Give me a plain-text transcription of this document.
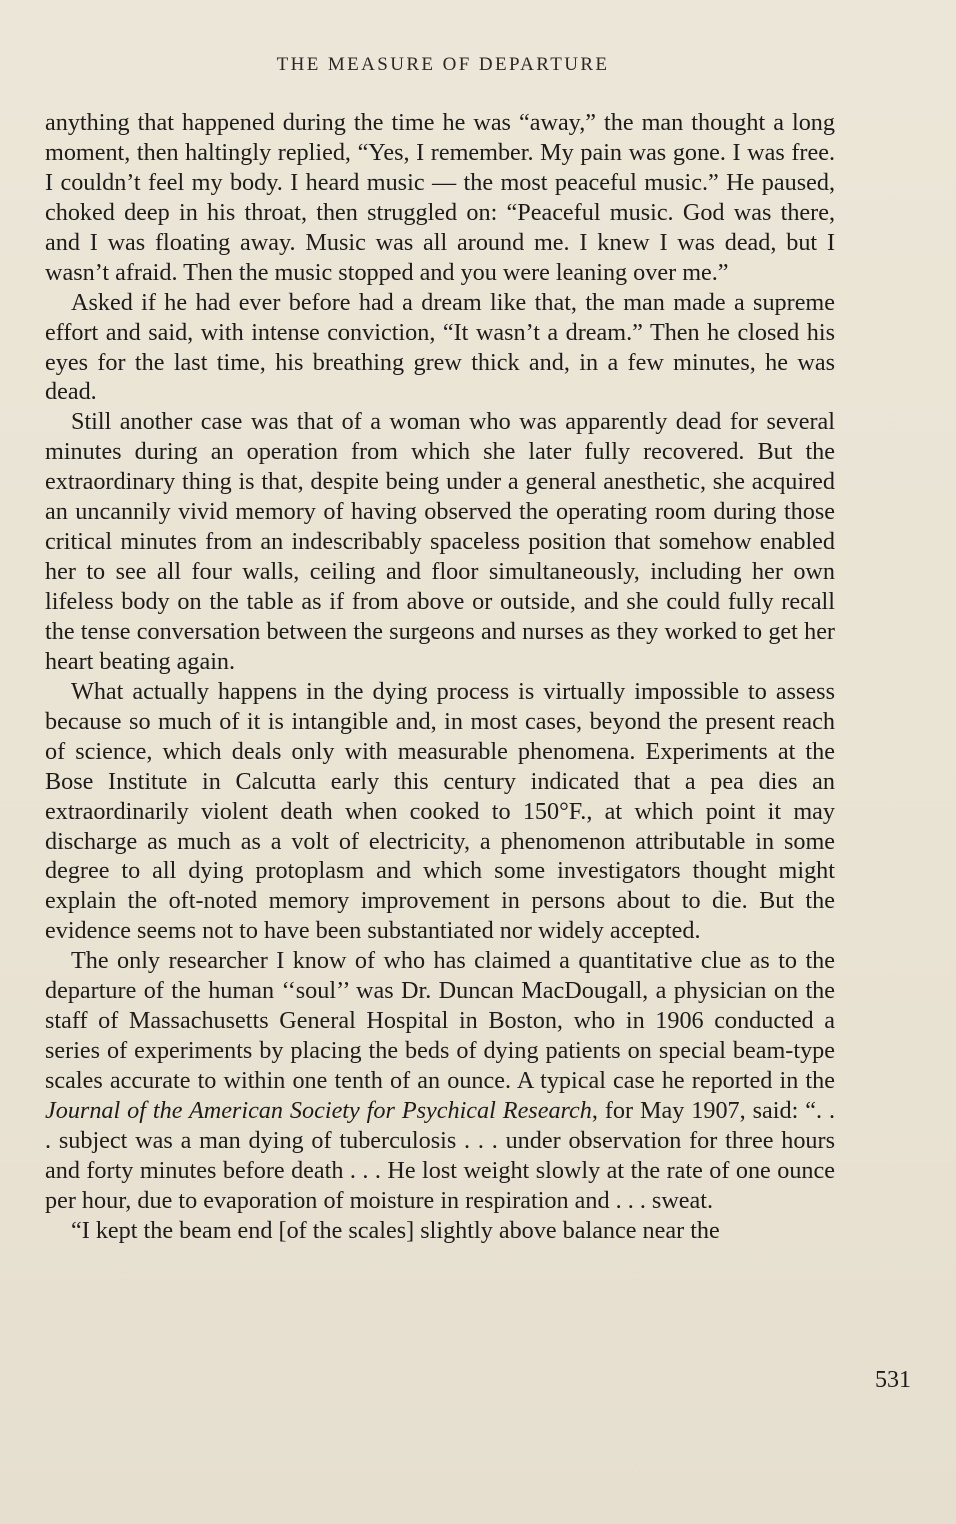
THE MEASURE OF DEPARTURE

anything that happened during the time he was “away,” the man thought a long moment, then haltingly replied, “Yes, I remember. My pain was gone. I was free. I couldn’t feel my body. I heard music — the most peaceful music.” He paused, choked deep in his throat, then struggled on: “Peaceful music. God was there, and I was floating away. Music was all around me. I knew I was dead, but I wasn’t afraid. Then the music stopped and you were leaning over me.”

Asked if he had ever before had a dream like that, the man made a supreme effort and said, with intense conviction, “It wasn’t a dream.” Then he closed his eyes for the last time, his breathing grew thick and, in a few minutes, he was dead.

Still another case was that of a woman who was apparently dead for several minutes during an operation from which she later fully recovered. But the extraordinary thing is that, despite being under a general anesthetic, she acquired an uncannily vivid memory of having observed the operating room during those critical minutes from an indescribably spaceless position that somehow enabled her to see all four walls, ceiling and floor simultaneously, including her own lifeless body on the table as if from above or outside, and she could fully recall the tense conversation between the surgeons and nurses as they worked to get her heart beating again.

What actually happens in the dying process is virtually impossible to assess because so much of it is intangible and, in most cases, beyond the present reach of science, which deals only with measurable phenomena. Experiments at the Bose Institute in Calcutta early this century indicated that a pea dies an extraordinarily violent death when cooked to 150°F., at which point it may discharge as much as a volt of electricity, a phenomenon attributable in some degree to all dying protoplasm and which some investigators thought might explain the oft-noted memory improvement in persons about to die. But the evidence seems not to have been substantiated nor widely accepted.

The only researcher I know of who has claimed a quantitative clue as to the departure of the human ‘‘soul’’ was Dr. Duncan MacDougall, a physician on the staff of Massachusetts General Hospital in Boston, who in 1906 conducted a series of experiments by placing the beds of dying patients on special beam-type scales accurate to within one tenth of an ounce. A typical case he reported in the Journal of the American Society for Psychical Research, for May 1907, said: “. . . subject was a man dying of tuberculosis . . . under observation for three hours and forty minutes before death . . . He lost weight slowly at the rate of one ounce per hour, due to evaporation of moisture in respiration and . . . sweat.

“I kept the beam end [of the scales] slightly above balance near the

531
